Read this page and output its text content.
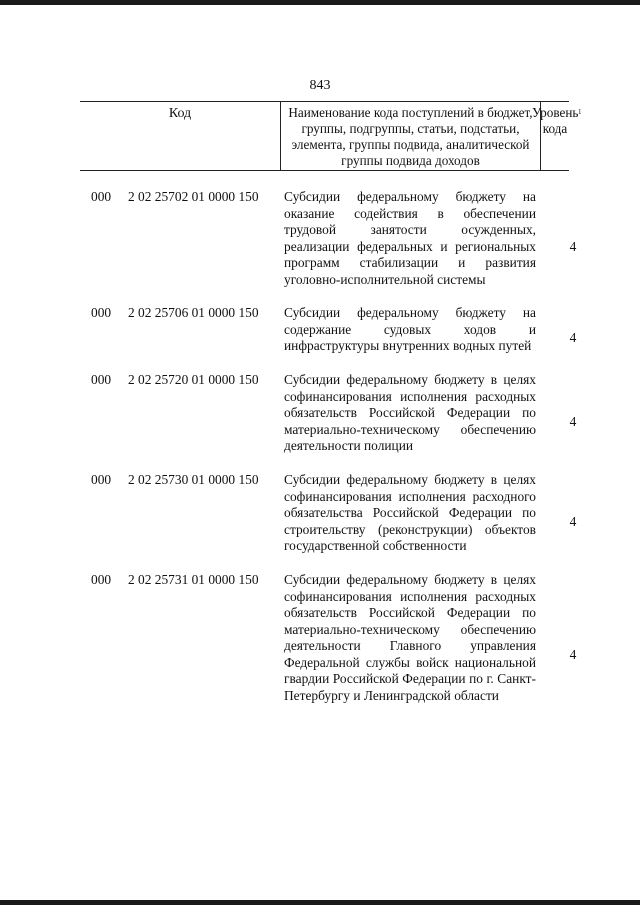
843
Код	Наименование кода поступлений в бюджет, группы, подгруппы, статьи, подстатьи, элемента, группы подвида, аналитической группы подвида доходов
Уровень кода$^1$
000 2 02 25702 01 0000 150 Субсидии федеральному бюджету на оказание содействия в обеспечении трудовой занятости осужденных, реализации федеральных и региональных программ стабилизации и развития уголовно-исполнительной системы
4
000 2 02 25706 01 0000 150 Субсидии федеральному бюджету на содержание судовых ходов и инфраструктуры внутренних водных путей
4
000 2 02 25720 01 0000 150 Субсидии федеральному бюджету в целях софинансирования исполнения расходных обязательств Российской Федерации по материально-техническому обеспечению деятельности полиции
4
000 2 02 25730 01 0000 150 Субсидии федеральному бюджету в целях софинансирования исполнения расходного обязательства Российской Федерации по строительству (реконструкции) объектов государственной собственности
4
000 2 02 25731 01 0000 150 Субсидии федеральному бюджету в целях софинансирования исполнения расходных обязательств Российской Федерации по материально-техническому обеспечению деятельности Главного управления Федеральной службы войск национальной гвардии Российской Федерации по г. Санкт-Петербургу и Ленинградской области
4
